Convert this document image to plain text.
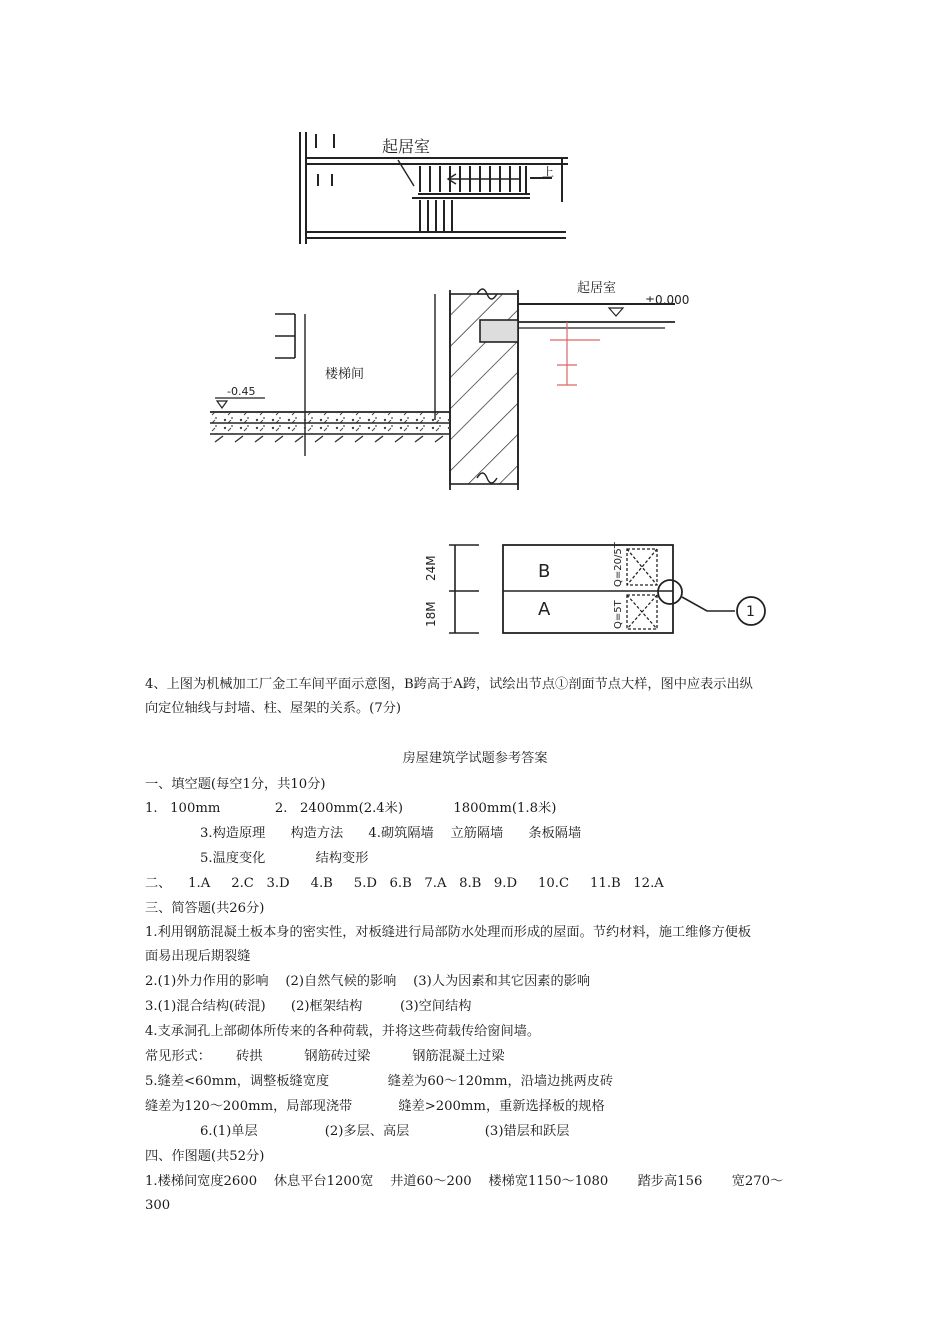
起居室
上
起居室
±0.000
楼梯间
-0.45
B
A
24M
18M
Q=20/5T
Q=5T	1
4、上图为机械加工厂金工车间平面示意图，B跨高于A跨，试绘出节点①剖面节点大样，图中应表示出纵
向定位轴线与封墙、柱、屋架的关系。(7分)
房屋建筑学试题参考答案
一、填空题(每空1分，共10分)
1.   100mm             2.   2400mm(2.4米)            1800mm(1.8米)
3.构造原理      构造方法      4.砌筑隔墙    立筋隔墙      条板隔墙
5.温度变化            结构变形
二、    1.A     2.C   3.D     4.B     5.D   6.B   7.A   8.B   9.D     10.C     11.B   12.A
三、简答题(共26分)
1.利用钢筋混凝土板本身的密实性，对板缝进行局部防水处理而形成的屋面。节约材料，施工维修方便板
面易出现后期裂缝
2.(1)外力作用的影响    (2)自然气候的影响    (3)人为因素和其它因素的影响
3.(1)混合结构(砖混)      (2)框架结构         (3)空间结构
4.支承洞孔上部砌体所传来的各种荷载，并将这些荷载传给窗间墙。
常见形式：      砖拱          钢筋砖过梁          钢筋混凝土过梁
5.缝差<60mm，调整板缝宽度              缝差为60～120mm，沿墙边挑两皮砖
缝差为120～200mm，局部现浇带           缝差>200mm，重新选择板的规格
6.(1)单层                (2)多层、高层                  (3)错层和跃层
四、作图题(共52分)
1.楼梯间宽度2600    休息平台1200宽    井道60～200    楼梯宽1150～1080       踏步高156       宽270～
300
